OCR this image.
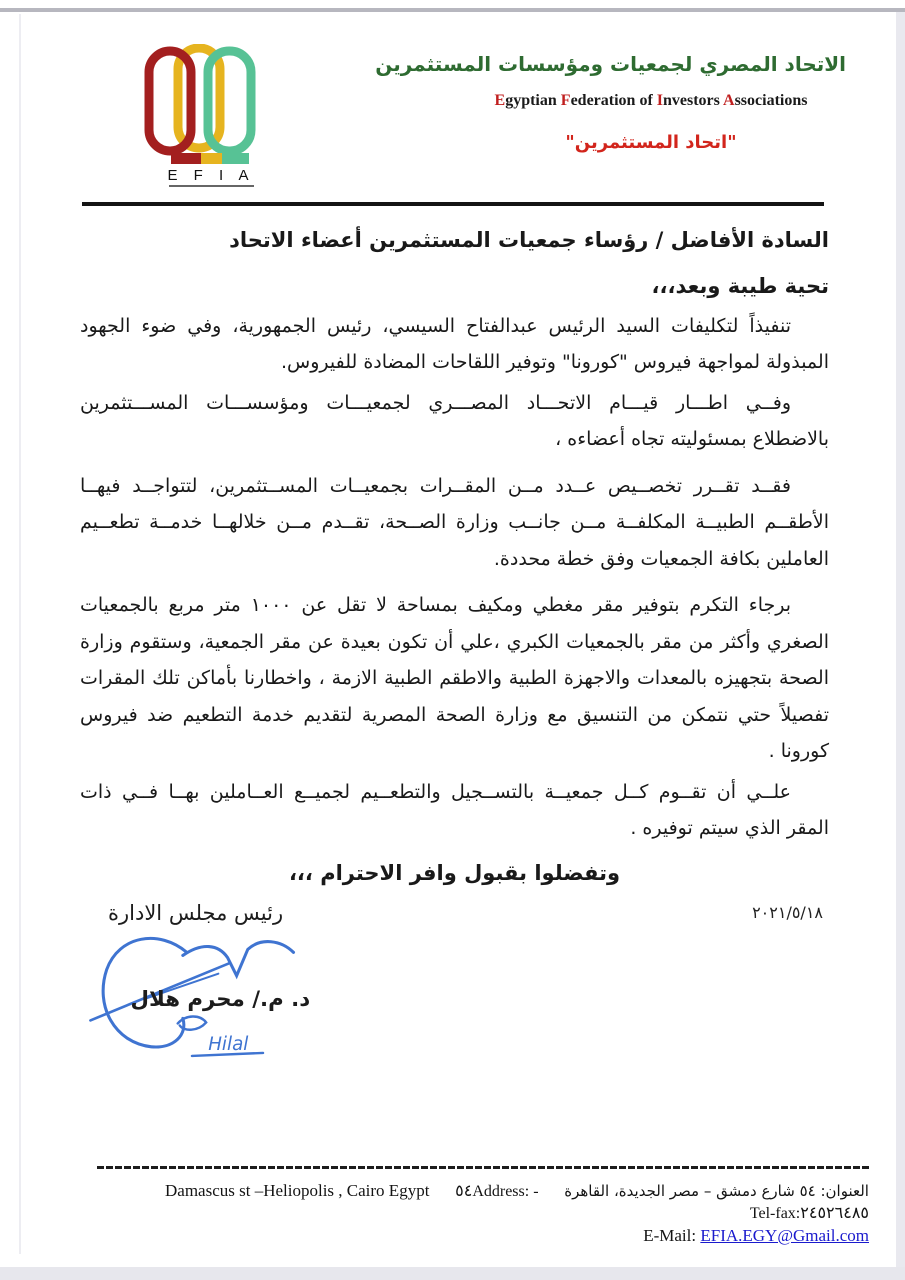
الاتحاد المصري لجمعيات ومؤسسات المستثمرين
Egyptian Federation of Investors Associations
"اتحاد المستثمرين"
E F I A
السادة الأفاضل / رؤساء جمعيات المستثمرين أعضاء الاتحاد
تحية طيبة وبعد،،،
تنفيذاً لتكليفات السيد الرئيس عبدالفتاح السيسي، رئيس الجمهورية، وفي ضوء الجهود المبذولة لمواجهة فيروس "كورونا" وتوفير اللقاحات المضادة للفيروس.
وفــي اطـــار قيـــام الاتحـــاد المصـــري لجمعيـــات ومؤسســـات المســـتثمرين بالاضطلاع بمسئوليته تجاه أعضاءه ،
فقــد تقــرر تخصــيص عــدد مــن المقــرات بجمعيــات المســتثمرين، لتتواجــد فيهــا الأطقــم الطبيــة المكلفــة مــن جانــب وزارة الصــحة، تقــدم مــن خلالهــا خدمــة تطعــيم العاملين بكافة الجمعيات وفق خطة محددة.
برجاء التكرم بتوفير مقر مغطي ومكيف بمساحة لا تقل عن ١٠٠٠ متر مربع بالجمعيات الصغري وأكثر من مقر بالجمعيات الكبري ،علي أن تكون بعيدة عن مقر الجمعية، وستقوم وزارة الصحة بتجهيزه بالمعدات والاجهزة الطبية والاطقم الطبية الازمة ، واخطارنا بأماكن تلك المقرات تفصيلاً حتي نتمكن من التنسيق مع وزارة الصحة المصرية لتقديم خدمة التطعيم ضد فيروس كورونا .
علــي أن تقــوم كــل جمعيــة بالتســجيل والتطعــيم لجميــع العــاملين بهــا فــي ذات المقر الذي سيتم توفيره .
وتفضلوا بقبول وافر الاحترام ،،،
٢٠٢١/٥/١٨
رئيس مجلس الادارة
د. م./ محرم هلال
Hilal
Damascus st –Heliopolis , Cairo Egypt ٥٤Address: - العنوان: ٥٤ شارع دمشق – مصر الجديدة، القاهرة
Tel-fax:٢٤٥٢٦٤٨٥
E-Mail: EFIA.EGY@Gmail.com
